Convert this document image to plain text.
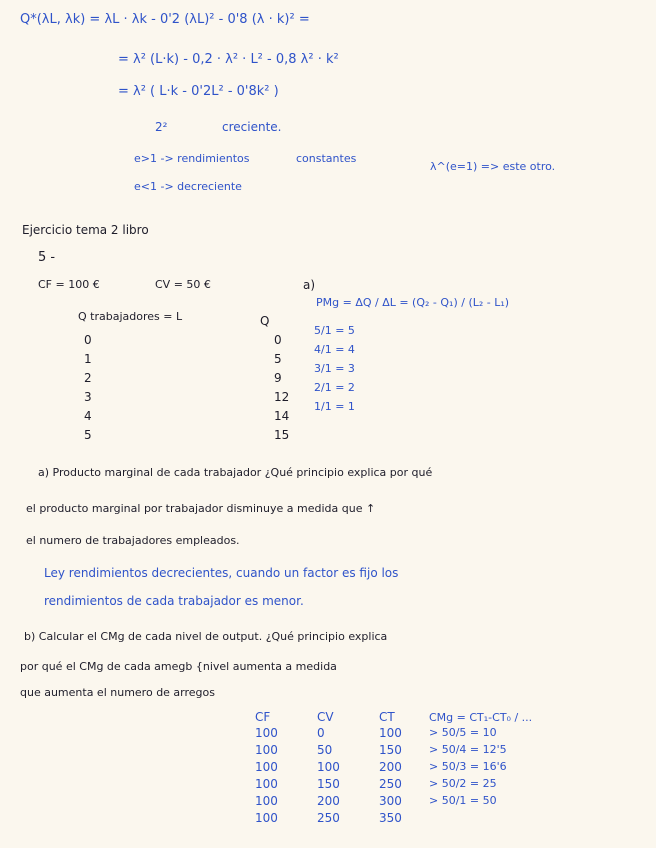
Q*(λL, λk) = λL · λk - 0'2 (λL)² - 0'8 (λ · k)² =
= λ² (L·k) - 0,2 · λ² · L² - 0,8 λ² · k²
= λ² ( L·k - 0'2L² - 0'8k² )
2²	creciente.
e>1 -> rendimientos	constantes
λ^(e=1) => este otro.
e<1 -> decreciente
Ejercicio tema 2 libro
5 -
CF = 100 €	CV = 50 €
Q trabajadores = L	Q
0	0
1	5
2	9
3	12
4	14
5	15
a)
PMg = ΔQ / ΔL = (Q₂ - Q₁) / (L₂ - L₁)
5/1 = 5
4/1 = 4
3/1 = 3
2/1 = 2
1/1 = 1
a) Producto marginal de cada trabajador ¿Qué principio explica por qué
el producto marginal por trabajador disminuye a medida que ↑
el numero de trabajadores empleados.
Ley rendimientos decrecientes, cuando un factor es fijo los
rendimientos de cada trabajador es menor.
b) Calcular el CMg de cada nivel de output. ¿Qué principio explica
por qué el CMg de cada amegb {nivel aumenta a medida
que aumenta el numero de arregos
CF	CV	CT	CMg = CT₁-CT₀ / ...
100	0	100	> 50/5 = 10
100	50	150	> 50/4 = 12'5
100	100	200	> 50/3 = 16'6
100	150	250	> 50/2 = 25
100	200	300	> 50/1 = 50
100	250	350	
